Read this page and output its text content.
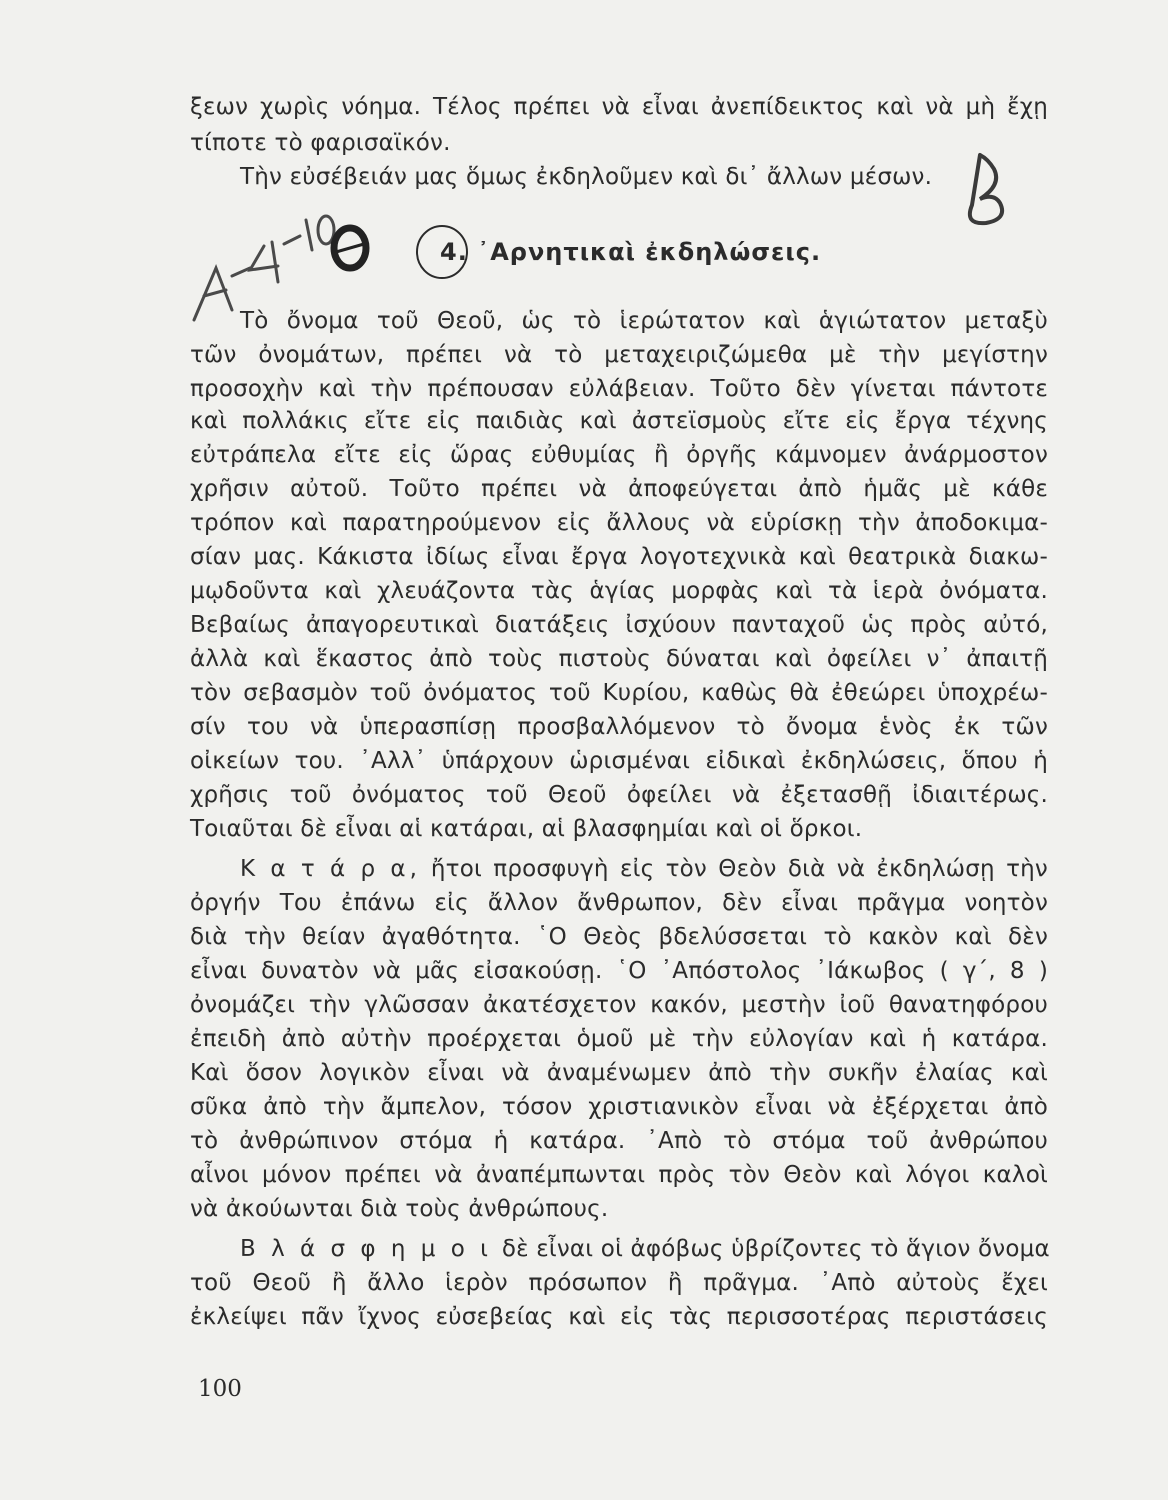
ξεων χωρὶς νόημα. Τέλος πρέπει νὰ εἶναι ἀνεπίδεικτος καὶ νὰ μὴ ἔχῃ
τίποτε τὸ φαρισαϊκόν.
Τὴν εὐσέβειάν μας ὅμως ἐκδηλοῦμεν καὶ δι᾿ ἄλλων μέσων.
4. ᾿Αρνητικαὶ ἐκδηλώσεις.
Τὸ ὄνομα τοῦ Θεοῦ, ὡς τὸ ἱερώτατον καὶ ἁγιώτατον μεταξὺ
τῶν ὀνομάτων, πρέπει νὰ τὸ μεταχειριζώμεθα μὲ τὴν μεγίστην
προσοχὴν καὶ τὴν πρέπουσαν εὐλάβειαν. Τοῦτο δὲν γίνεται πάντοτε
καὶ πολλάκις εἴτε εἰς παιδιὰς καὶ ἀστεϊσμοὺς εἴτε εἰς ἔργα τέχνης
εὐτράπελα εἴτε εἰς ὥρας εὐθυμίας ἢ ὀργῆς κάμνομεν ἀνάρμοστον
χρῆσιν αὐτοῦ. Τοῦτο πρέπει νὰ ἀποφεύγεται ἀπὸ ἡμᾶς μὲ κάθε
τρόπον καὶ παρατηρούμενον εἰς ἄλλους νὰ εὑρίσκῃ τὴν ἀποδοκιμα-
σίαν μας. Κάκιστα ἰδίως εἶναι ἔργα λογοτεχνικὰ καὶ θεατρικὰ διακω-
μῳδοῦντα καὶ χλευάζοντα τὰς ἁγίας μορφὰς καὶ τὰ ἱερὰ ὀνόματα.
Βεβαίως ἀπαγορευτικαὶ διατάξεις ἰσχύουν πανταχοῦ ὡς πρὸς αὐτό,
ἀλλὰ καὶ ἕκαστος ἀπὸ τοὺς πιστοὺς δύναται καὶ ὀφείλει ν᾿ ἀπαιτῇ
τὸν σεβασμὸν τοῦ ὀνόματος τοῦ Κυρίου, καθὼς θὰ ἐθεώρει ὑποχρέω-
σίν του νὰ ὑπερασπίσῃ προσβαλλόμενον τὸ ὄνομα ἑνὸς ἐκ τῶν
οἰκείων του. ᾿Αλλ᾿ ὑπάρχουν ὡρισμέναι εἰδικαὶ ἐκδηλώσεις, ὅπου ἡ
χρῆσις τοῦ ὀνόματος τοῦ Θεοῦ ὀφείλει νὰ ἐξετασθῇ ἰδιαιτέρως.
Τοιαῦται δὲ εἶναι αἱ κατάραι, αἱ βλασφημίαι καὶ οἱ ὅρκοι.
Κ α τ ά ρ α, ἤτοι προσφυγὴ εἰς τὸν Θεὸν διὰ νὰ ἐκδηλώσῃ τὴν
ὀργήν Του ἐπάνω εἰς ἄλλον ἄνθρωπον, δὲν εἶναι πρᾶγμα νοητὸν
διὰ τὴν θείαν ἀγαθότητα. ῾Ο Θεὸς βδελύσσεται τὸ κακὸν καὶ δὲν
εἶναι δυνατὸν νὰ μᾶς εἰσακούσῃ. ῾Ο ᾿Απόστολος ᾿Ιάκωβος ( γ΄, 8 )
ὀνομάζει τὴν γλῶσσαν ἀκατέσχετον κακόν, μεστὴν ἰοῦ θανατηφόρου
ἐπειδὴ ἀπὸ αὐτὴν προέρχεται ὁμοῦ μὲ τὴν εὐλογίαν καὶ ἡ κατάρα.
Καὶ ὅσον λογικὸν εἶναι νὰ ἀναμένωμεν ἀπὸ τὴν συκῆν ἐλαίας καὶ
σῦκα ἀπὸ τὴν ἄμπελον, τόσον χριστιανικὸν εἶναι νὰ ἐξέρχεται ἀπὸ
τὸ ἀνθρώπινον στόμα ἡ κατάρα. ᾿Απὸ τὸ στόμα τοῦ ἀνθρώπου
αἶνοι μόνον πρέπει νὰ ἀναπέμπωνται πρὸς τὸν Θεὸν καὶ λόγοι καλοὶ
νὰ ἀκούωνται διὰ τοὺς ἀνθρώπους.
Β λ ά σ φ η μ ο ι δὲ εἶναι οἱ ἀφόβως ὑβρίζοντες τὸ ἅγιον ὄνομα
τοῦ Θεοῦ ἢ ἄλλο ἱερὸν πρόσωπον ἢ πρᾶγμα. ᾿Απὸ αὐτοὺς ἔχει
ἐκλείψει πᾶν ἴχνος εὐσεβείας καὶ εἰς τὰς περισσοτέρας περιστάσεις
100
